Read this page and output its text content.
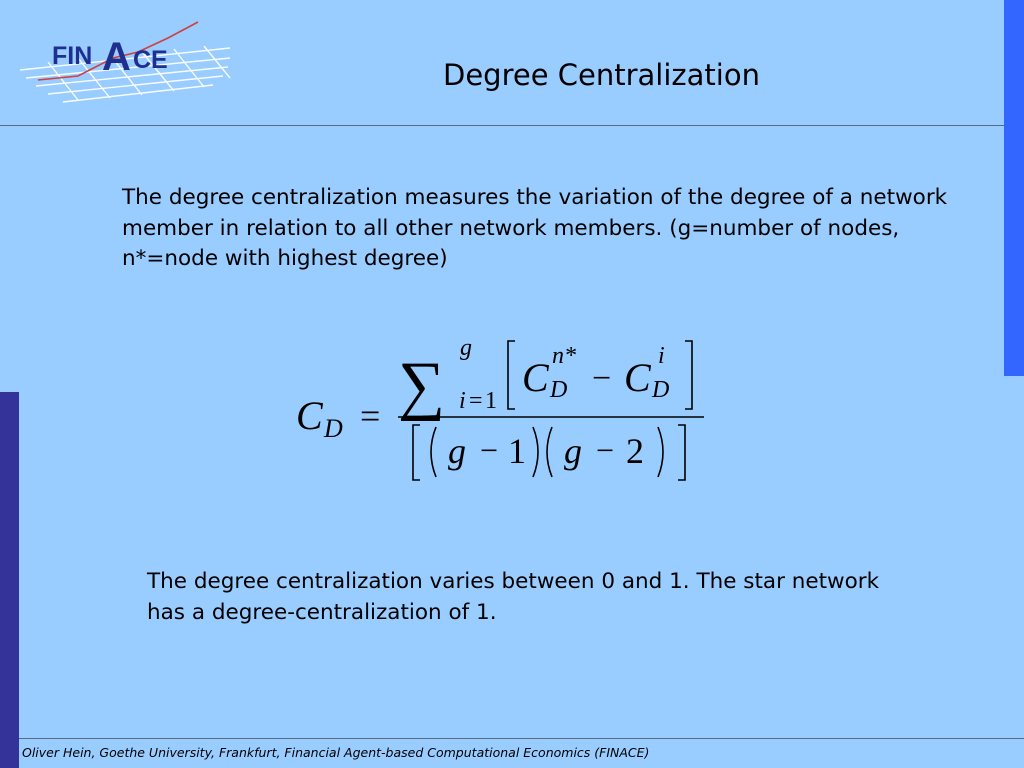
FIN A CE	Degree Centralization
The degree centralization measures the variation of the degree of a network member in relation to all other network members. (g=number of nodes, n*=node with highest degree)
C D = ∑
g
i = 1
C n*
D − C i
D
g − 1 g − 2
The degree centralization varies between 0 and 1. The star network has a degree-centralization of 1.
Oliver Hein, Goethe University, Frankfurt, Financial Agent-based Computational Economics (FINACE)
